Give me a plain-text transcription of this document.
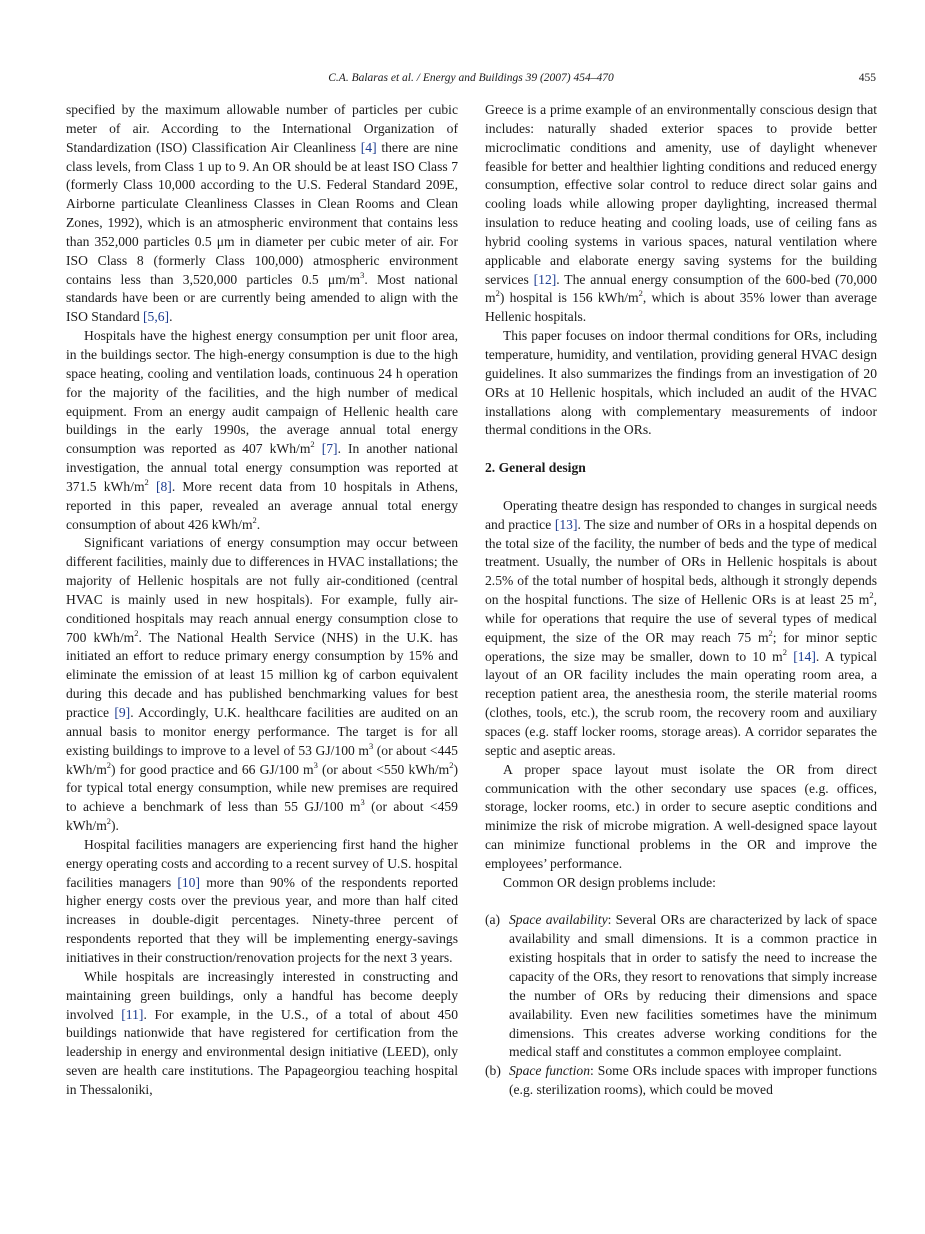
C.A. Balaras et al. / Energy and Buildings 39 (2007) 454–470	455

specified by the maximum allowable number of particles per cubic meter of air. According to the International Organization of Standardization (ISO) Classification Air Cleanliness [4] there are nine class levels, from Class 1 up to 9. An OR should be at least ISO Class 7 (formerly Class 10,000 according to the U.S. Federal Standard 209E, Airborne particulate Cleanliness Classes in Clean Rooms and Clean Zones, 1992), which is an atmospheric environment that contains less than 352,000 particles 0.5 μm in diameter per cubic meter of air. For ISO Class 8 (formerly Class 100,000) atmospheric environment contains less than 3,520,000 particles 0.5 $\mu m/m^3$. Most national standards have been or are currently being amended to align with the ISO Standard [5,6].

Hospitals have the highest energy consumption per unit floor area, in the buildings sector. The high-energy consumption is due to the high space heating, cooling and ventilation loads, continuous 24 h operation for the majority of the facilities, and the high number of medical equipment. From an energy audit campaign of Hellenic health care buildings in the early 1990s, the average annual total energy consumption was reported as 407 kWh/$m^2$ [7]. In another national investigation, the annual total energy consumption was reported at 371.5 kWh/$m^2$ [8]. More recent data from 10 hospitals in Athens, reported in this paper, revealed an average annual total energy consumption of about 426 kWh/$m^2$.

Significant variations of energy consumption may occur between different facilities, mainly due to differences in HVAC installations; the majority of Hellenic hospitals are not fully air-conditioned (central HVAC is mainly used in new hospitals). For example, fully air-conditioned hospitals may reach annual energy consumption close to 700 kWh/$m^2$. The National Health Service (NHS) in the U.K. has initiated an effort to reduce primary energy consumption by 15% and eliminate the emission of at least 15 million kg of carbon equivalent during this decade and has published benchmarking values for best practice [9]. Accordingly, U.K. healthcare facilities are audited on an annual basis to monitor energy performance. The target is for all existing buildings to improve to a level of 53 GJ/100 $m^3$ (or about <445 kWh/$m^2$) for good practice and 66 GJ/100 $m^3$ (or about <550 kWh/$m^2$) for typical total energy consumption, while new premises are required to achieve a benchmark of less than 55 GJ/100 $m^3$ (or about <459 kWh/$m^2$).

Hospital facilities managers are experiencing first hand the higher energy operating costs and according to a recent survey of U.S. hospital facilities managers [10] more than 90% of the respondents reported higher energy costs over the previous year, and more than half cited increases in double-digit percentages. Ninety-three percent of respondents reported that they will be implementing energy-savings initiatives in their construction/renovation projects for the next 3 years.

While hospitals are increasingly interested in constructing and maintaining green buildings, only a handful has become deeply involved [11]. For example, in the U.S., of a total of about 450 buildings nationwide that have registered for certification from the leadership in energy and environmental design initiative (LEED), only seven are health care institutions. The Papageorgiou teaching hospital in Thessaloniki,

Greece is a prime example of an environmentally conscious design that includes: naturally shaded exterior spaces to provide better microclimatic conditions and amenity, use of daylight whenever feasible for better and healthier lighting conditions and reduced energy consumption, effective solar control to reduce direct solar gains and cooling loads while allowing proper daylighting, increased thermal insulation to reduce heating and cooling loads, use of ceiling fans as hybrid cooling systems in various spaces, natural ventilation where applicable and elaborate energy saving systems for the building services [12]. The annual energy consumption of the 600-bed (70,000 $m^2$) hospital is 156 kWh/$m^2$, which is about 35% lower than average Hellenic hospitals.

This paper focuses on indoor thermal conditions for ORs, including temperature, humidity, and ventilation, providing general HVAC design guidelines. It also summarizes the findings from an investigation of 20 ORs at 10 Hellenic hospitals, which included an audit of the HVAC installations along with complementary measurements of indoor thermal conditions in the ORs.

2. General design

Operating theatre design has responded to changes in surgical needs and practice [13]. The size and number of ORs in a hospital depends on the total size of the facility, the number of beds and the type of medical treatment. Usually, the number of ORs in Hellenic hospitals is about 2.5% of the total number of hospital beds, although it strongly depends on the hospital functions. The size of Hellenic ORs is at least 25 $m^2$, while for operations that require the use of several types of medical equipment, the size of the OR may reach 75 $m^2$; for minor septic operations, the size may be smaller, down to 10 $m^2$ [14]. A typical layout of an OR facility includes the main operating room area, a reception patient area, the anesthesia room, the sterile material rooms (clothes, tools, etc.), the scrub room, the recovery room and auxiliary spaces (e.g. staff locker rooms, storage areas). A corridor separates the septic and aseptic areas.

A proper space layout must isolate the OR from direct communication with the other secondary use spaces (e.g. offices, storage, locker rooms, etc.) in order to secure aseptic conditions and minimize the risk of microbe migration. A well-designed space layout can minimize functional problems in the OR and improve the employees’ performance.

Common OR design problems include:

(a) Space availability: Several ORs are characterized by lack of space availability and small dimensions. It is a common practice in existing hospitals that in order to satisfy the need to increase the capacity of the ORs, they resort to renovations that simply increase the number of ORs by reducing their dimensions and space availability. Even new facilities sometimes have the minimum dimensions. This creates adverse working conditions for the medical staff and constitutes a common employee complaint.
(b) Space function: Some ORs include spaces with improper functions (e.g. sterilization rooms), which could be moved
